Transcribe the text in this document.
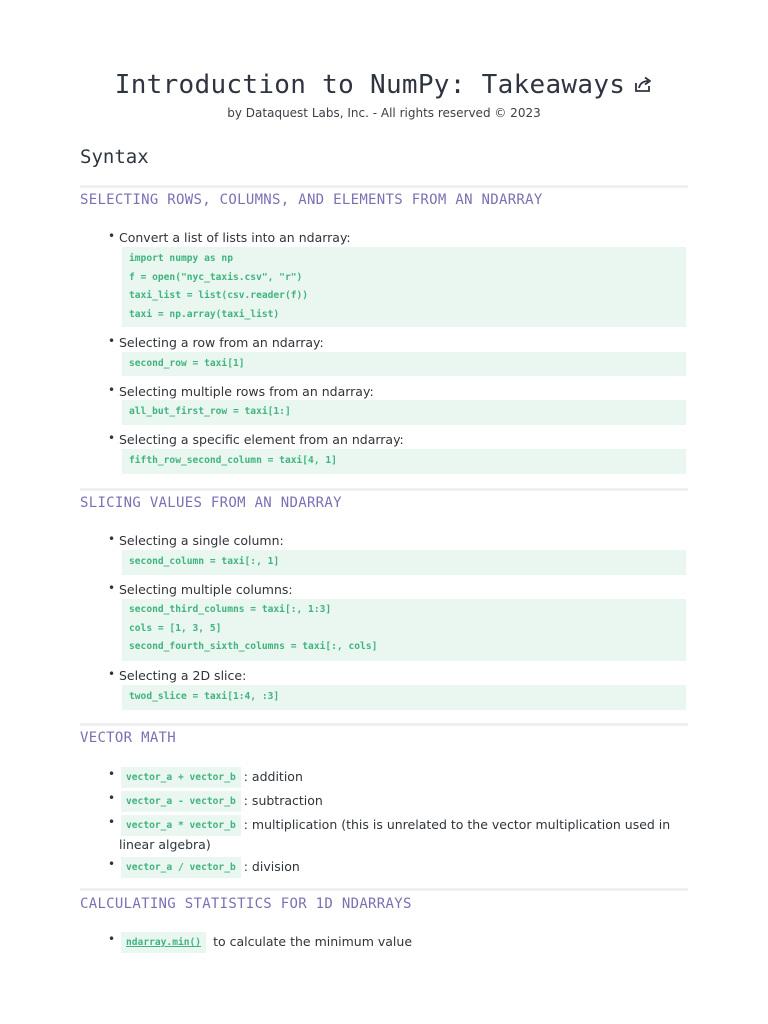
Introduction to NumPy: Takeaways
by Dataquest Labs, Inc. - All rights reserved © 2023
Syntax
SELECTING ROWS, COLUMNS, AND ELEMENTS FROM AN NDARRAY
• Convert a list of lists into an ndarray:
import numpy as np
f = open("nyc_taxis.csv", "r")
taxi_list = list(csv.reader(f))
taxi = np.array(taxi_list)
• Selecting a row from an ndarray:
second_row = taxi[1]
• Selecting multiple rows from an ndarray:
all_but_first_row = taxi[1:]
• Selecting a specific element from an ndarray:
fifth_row_second_column = taxi[4, 1]
SLICING VALUES FROM AN NDARRAY
• Selecting a single column:
second_column = taxi[:, 1]
• Selecting multiple columns:
second_third_columns = taxi[:, 1:3]
cols = [1, 3, 5]
second_fourth_sixth_columns = taxi[:, cols]
• Selecting a 2D slice:
twod_slice = taxi[1:4, :3]
VECTOR MATH
•	vector_a + vector_b : addition
•	vector_a - vector_b : subtraction
•	vector_a * vector_b : multiplication (this is unrelated to the vector multiplication used in linear algebra)
•	vector_a / vector_b : division
CALCULATING STATISTICS FOR 1D NDARRAYS
•	ndarray.min() to calculate the minimum value
